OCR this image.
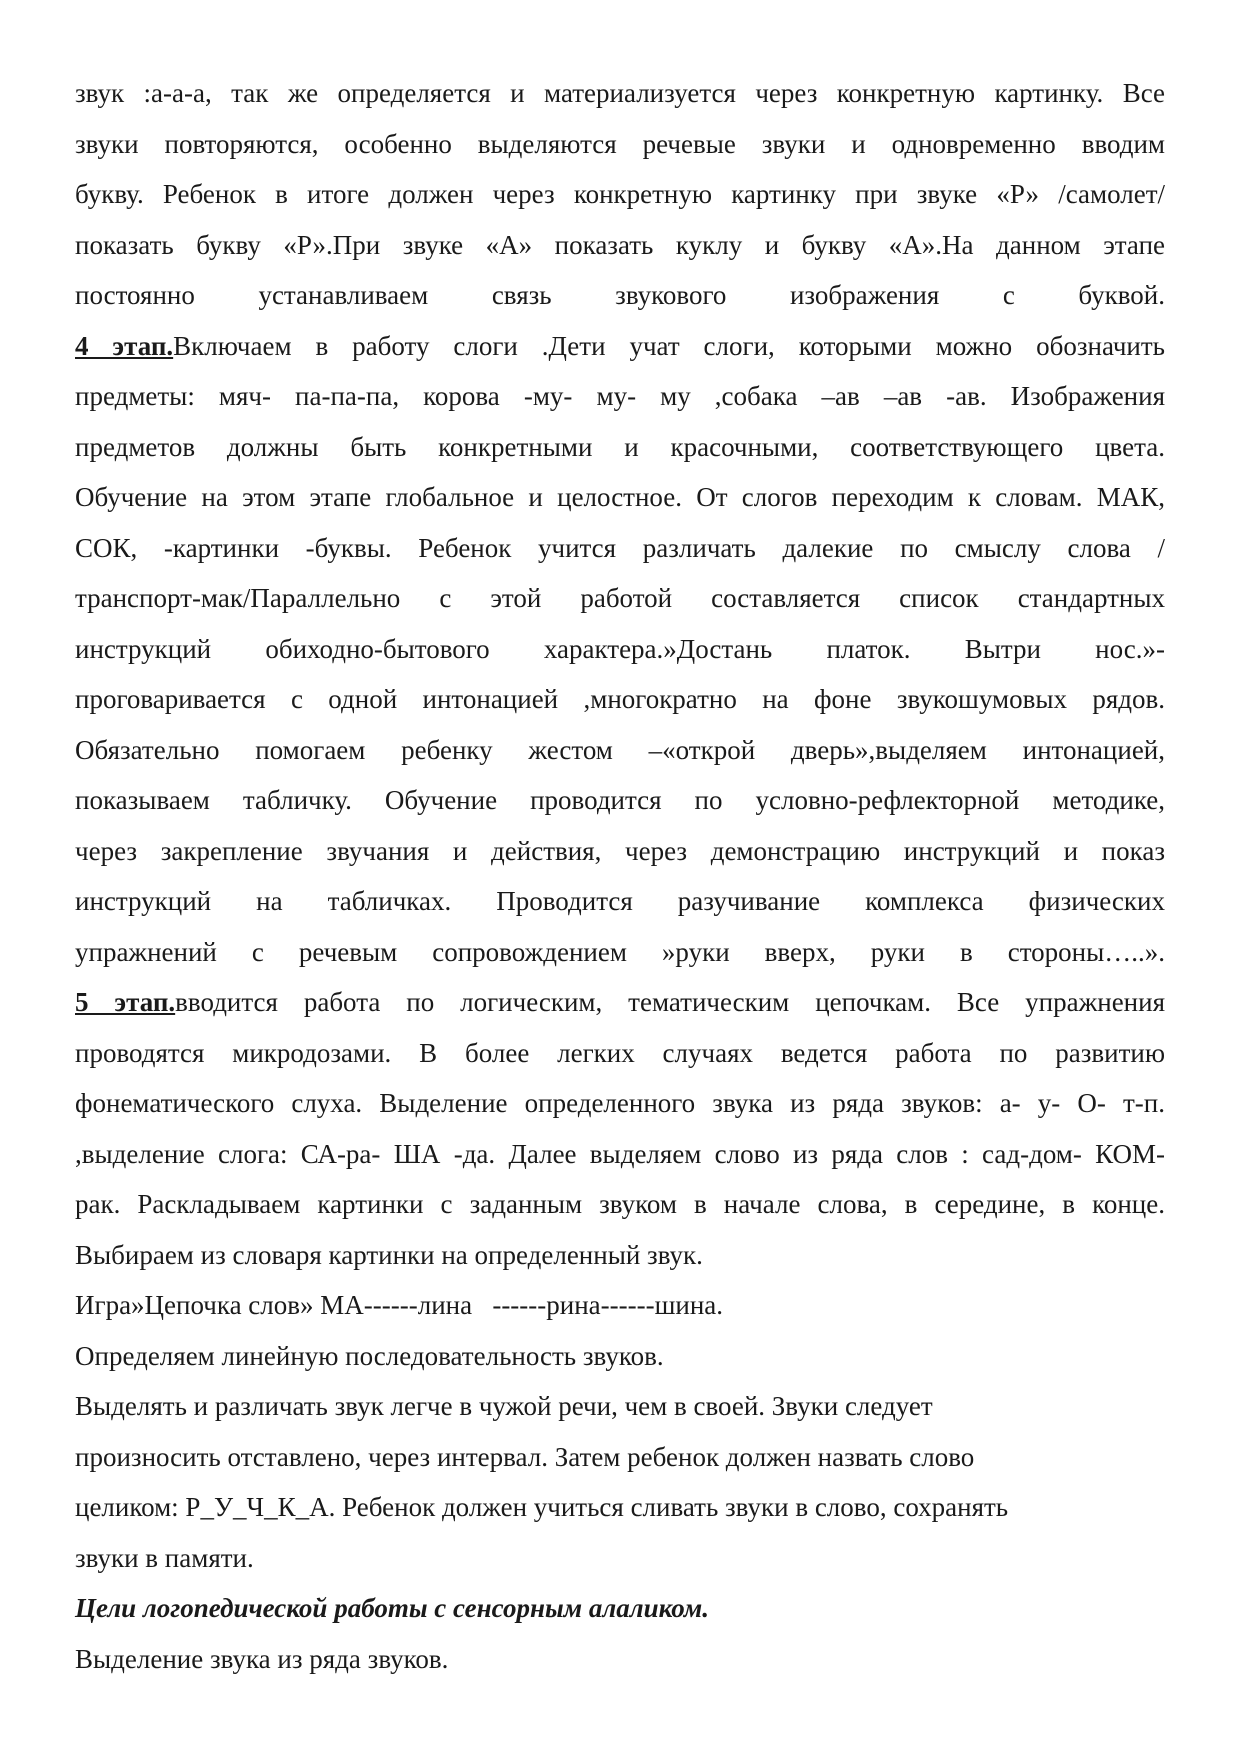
звук :а-а-а, так же определяется и материализуется через конкретную картинку. Все

звуки повторяются, особенно выделяются речевые звуки и одновременно вводим

букву. Ребенок в итоге должен через конкретную картинку при звуке «Р» /самолет/

показать букву «Р».При звуке «А» показать куклу и букву «А».На данном этапе

постоянно устанавливаем связь звукового изображения с буквой.

4 этап.Включаем в работу слоги .Дети учат слоги, которыми можно обозначить

предметы: мяч- па-па-па, корова -му- му- му ,собака –ав –ав -ав. Изображения

предметов должны быть конкретными и красочными, соответствующего цвета.

Обучение на этом этапе глобальное и целостное. От слогов переходим к словам. МАК,

СОК, -картинки -буквы. Ребенок учится различать далекие по смыслу слова /

транспорт-мак/Параллельно с этой работой составляется список стандартных

инструкций обиходно-бытового характера.»Достань платок. Вытри нос.»-

проговаривается с одной интонацией ,многократно на фоне звукошумовых рядов.

Обязательно помогаем ребенку жестом –«открой дверь»,выделяем интонацией,

показываем табличку. Обучение проводится по условно-рефлекторной методике,

через закрепление звучания и действия, через демонстрацию инструкций и показ

инструкций на табличках. Проводится разучивание комплекса физических

упражнений с речевым сопровождением »руки вверх, руки в стороны…..».

5 этап.вводится работа по логическим, тематическим цепочкам. Все упражнения

проводятся микродозами. В более легких случаях ведется работа по развитию

фонематического слуха. Выделение определенного звука из ряда звуков: а- у- О- т-п.

,выделение слога: СА-ра- ША -да. Далее выделяем слово из ряда слов : сад-дом- КОМ-

рак. Раскладываем картинки с заданным звуком в начале слова, в середине, в конце.

Выбираем из словаря картинки на определенный звук.

Игра»Цепочка слов» МА------лина   ------рина------шина.

Определяем линейную последовательность звуков.

Выделять и различать звук легче в чужой речи, чем в своей. Звуки следует

произносить отставлено, через интервал. Затем ребенок должен назвать слово

целиком: Р_У_Ч_К_А. Ребенок должен учиться сливать звуки в слово, сохранять

звуки в памяти.

Цели логопедической работы с сенсорным алаликом.

Выделение звука из ряда звуков.
